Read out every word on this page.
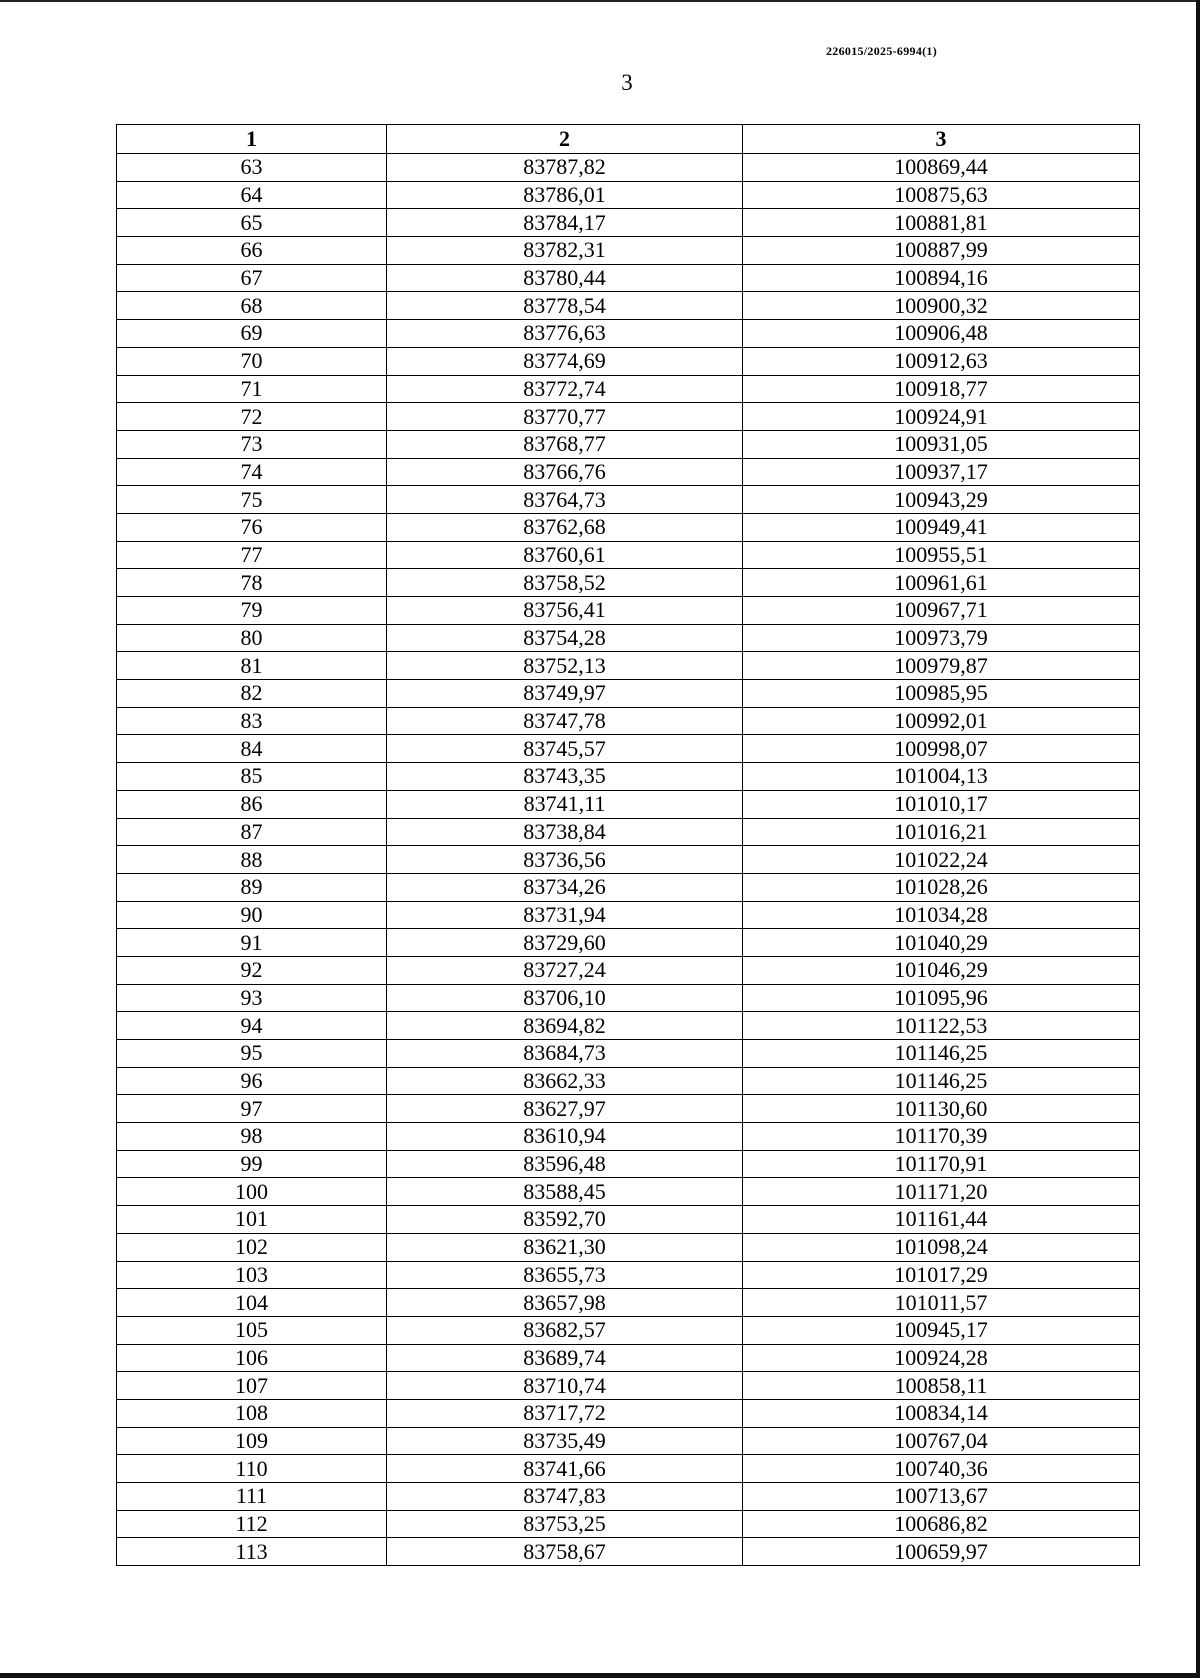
226015/2025-6994(1)
3
1	2	3
63	83787,82	100869,44
64	83786,01	100875,63
65	83784,17	100881,81
66	83782,31	100887,99
67	83780,44	100894,16
68	83778,54	100900,32
69	83776,63	100906,48
70	83774,69	100912,63
71	83772,74	100918,77
72	83770,77	100924,91
73	83768,77	100931,05
74	83766,76	100937,17
75	83764,73	100943,29
76	83762,68	100949,41
77	83760,61	100955,51
78	83758,52	100961,61
79	83756,41	100967,71
80	83754,28	100973,79
81	83752,13	100979,87
82	83749,97	100985,95
83	83747,78	100992,01
84	83745,57	100998,07
85	83743,35	101004,13
86	83741,11	101010,17
87	83738,84	101016,21
88	83736,56	101022,24
89	83734,26	101028,26
90	83731,94	101034,28
91	83729,60	101040,29
92	83727,24	101046,29
93	83706,10	101095,96
94	83694,82	101122,53
95	83684,73	101146,25
96	83662,33	101146,25
97	83627,97	101130,60
98	83610,94	101170,39
99	83596,48	101170,91
100	83588,45	101171,20
101	83592,70	101161,44
102	83621,30	101098,24
103	83655,73	101017,29
104	83657,98	101011,57
105	83682,57	100945,17
106	83689,74	100924,28
107	83710,74	100858,11
108	83717,72	100834,14
109	83735,49	100767,04
110	83741,66	100740,36
111	83747,83	100713,67
112	83753,25	100686,82
113	83758,67	100659,97
